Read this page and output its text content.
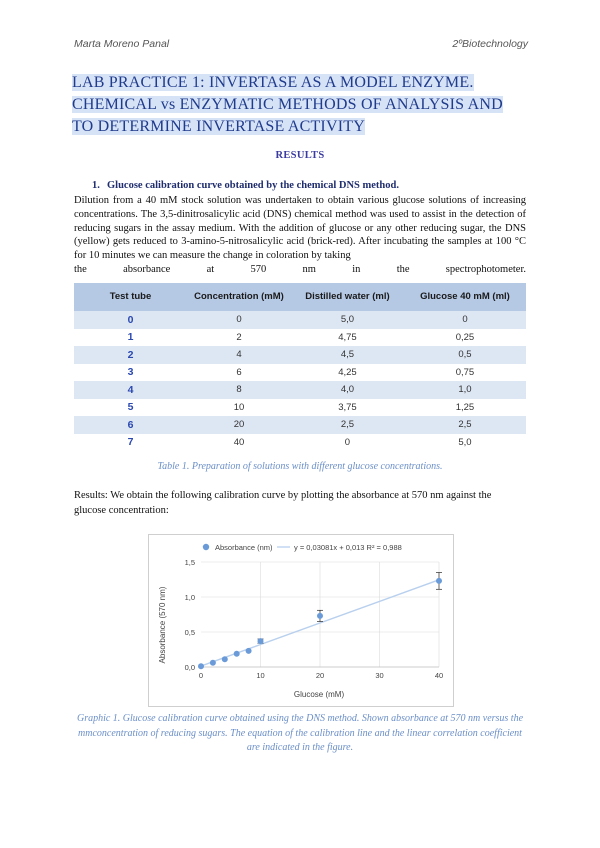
Marta Moreno Panal	2ºBiotechnology
LAB PRACTICE 1: INVERTASE AS A MODEL ENZYME.
CHEMICAL vs ENZYMATIC METHODS OF ANALYSIS AND
TO DETERMINE INVERTASE ACTIVITY
RESULTS
1. Glucose calibration curve obtained by the chemical DNS method.

Dilution from a 40 mM stock solution was undertaken to obtain various glucose solutions of increasing concentrations. The 3,5-dinitrosalicylic acid (DNS) chemical method was used to assist in the detection of reducing sugars in the assay medium. With the addition of glucose or any other reducing sugar, the DNS (yellow) gets reduced to 3-amino-5-nitrosalicylic acid (brick-red). After incubating the samples at 100 °C for 10 minutes we can measure the change in coloration by taking
the absorbance at 570 nm in the spectrophotometer.

Test tube	Concentration (mM)	Distilled water (ml)	Glucose 40 mM (ml)
0	0	5,0	0
1	2	4,75	0,25
2	4	4,5	0,5
3	6	4,25	0,75
4	8	4,0	1,0
5	10	3,75	1,25
6	20	2,5	2,5
7	40	0	5,0
Table 1. Preparation of solutions with different glucose concentrations.

Results: We obtain the following calibration curve by plotting the absorbance at 570 nm against the glucose concentration:

0,0
0,5
1,0
1,5
0	10	20	30	40
Absorbance (nm)	y = 0,03081x + 0,013 R² = 0,988
Absorbance (570 nm)
Glucose (mM)

Graphic 1. Glucose calibration curve obtained using the DNS method. Shown absorbance at 570 nm versus the mmconcentration of reducing sugars. The equation of the calibration line and the linear correlation coefficient are indicated in the figure.
